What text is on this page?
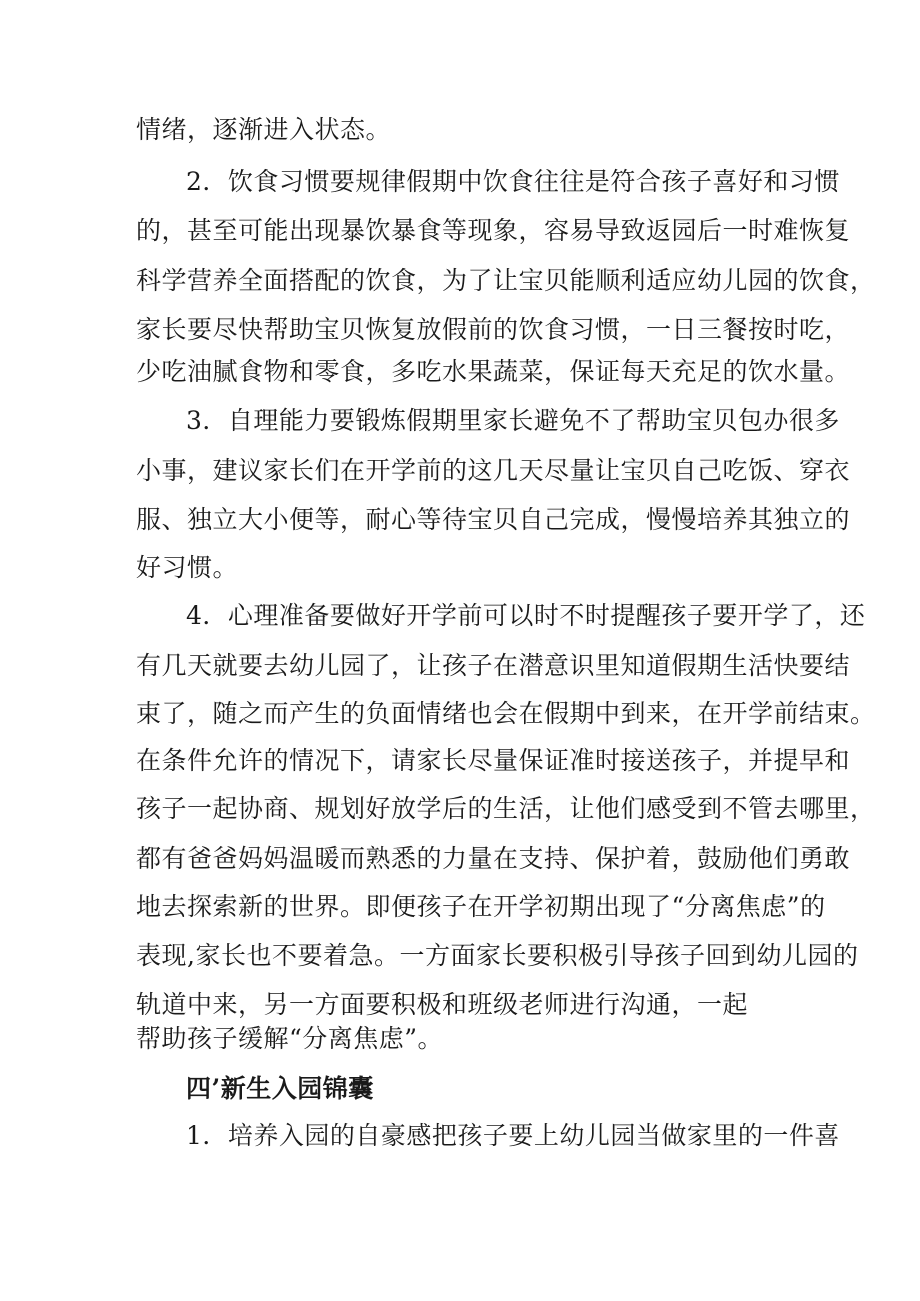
情绪，逐渐进入状态。
2．饮食习惯要规律假期中饮食往往是符合孩子喜好和习惯
的，甚至可能出现暴饮暴食等现象，容易导致返园后一时难恢复
科学营养全面搭配的饮食，为了让宝贝能顺利适应幼儿园的饮食，
家长要尽快帮助宝贝恢复放假前的饮食习惯，一日三餐按时吃，
少吃油腻食物和零食，多吃水果蔬菜，保证每天充足的饮水量。
3．自理能力要锻炼假期里家长避免不了帮助宝贝包办很多
小事，建议家长们在开学前的这几天尽量让宝贝自己吃饭、穿衣
服、独立大小便等，耐心等待宝贝自己完成，慢慢培养其独立的
好习惯。
4．心理准备要做好开学前可以时不时提醒孩子要开学了，还
有几天就要去幼儿园了，让孩子在潜意识里知道假期生活快要结
束了，随之而产生的负面情绪也会在假期中到来，在开学前结束。
在条件允许的情况下，请家长尽量保证准时接送孩子，并提早和
孩子一起协商、规划好放学后的生活，让他们感受到不管去哪里，
都有爸爸妈妈温暖而熟悉的力量在支持、保护着，鼓励他们勇敢
地去探索新的世界。即便孩子在开学初期出现了“分离焦虑”的
表现,家长也不要着急。一方面家长要积极引导孩子回到幼儿园的
轨道中来，另一方面要积极和班级老师进行沟通，一起
帮助孩子缓解“分离焦虑”。
四’新生入园锦囊
1．培养入园的自豪感把孩子要上幼儿园当做家里的一件喜
